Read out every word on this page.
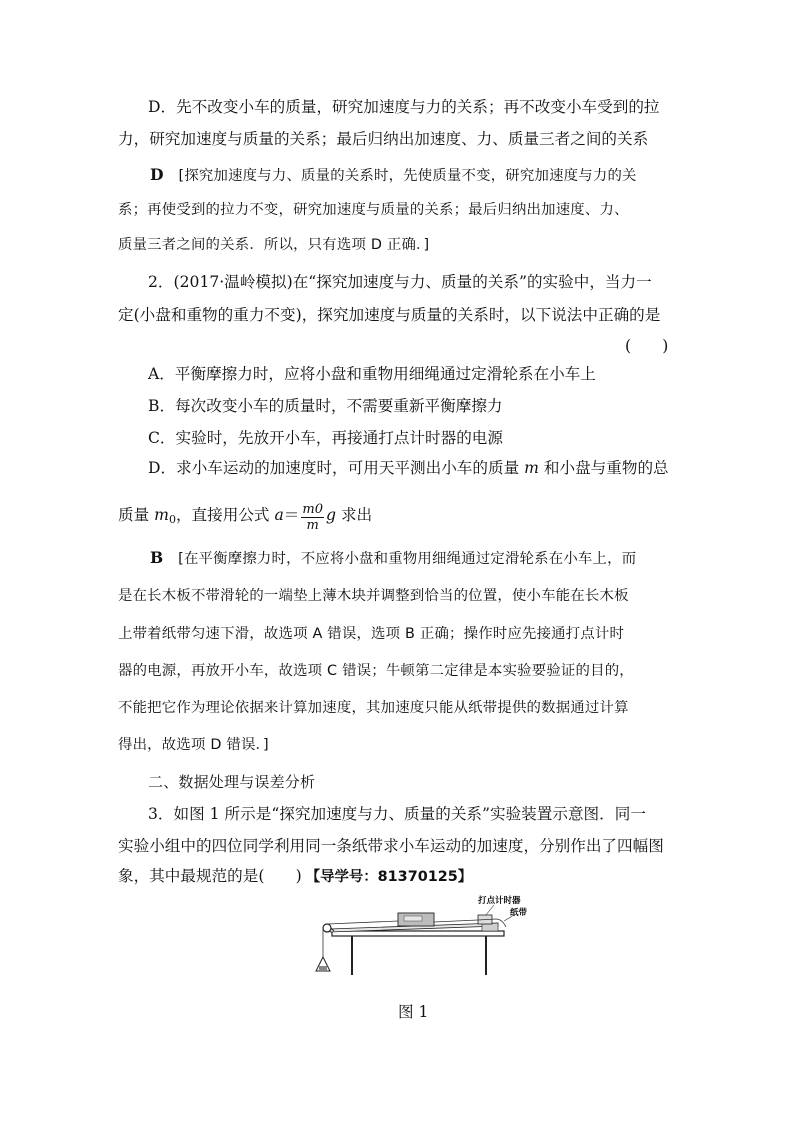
D．先不改变小车的质量，研究加速度与力的关系；再不改变小车受到的拉
力，研究加速度与质量的关系；最后归纳出加速度、力、质量三者之间的关系
D [探究加速度与力、质量的关系时，先使质量不变，研究加速度与力的关
系；再使受到的拉力不变，研究加速度与质量的关系；最后归纳出加速度、力、
质量三者之间的关系．所以，只有选项 D 正确．]
2．(2017·温岭模拟)在“探究加速度与力、质量的关系”的实验中，当力一
定(小盘和重物的重力不变)，探究加速度与质量的关系时，以下说法中正确的是
(　　)
A．平衡摩擦力时，应将小盘和重物用细绳通过定滑轮系在小车上
B．每次改变小车的质量时，不需要重新平衡摩擦力
C．实验时，先放开小车，再接通打点计时器的电源
D．求小车运动的加速度时，可用天平测出小车的质量 m 和小盘与重物的总
质量 $m_0$，直接用公式 $a= \frac{m0}{m}$ g 求出
B [在平衡摩擦力时，不应将小盘和重物用细绳通过定滑轮系在小车上，而
是在长木板不带滑轮的一端垫上薄木块并调整到恰当的位置，使小车能在长木板
上带着纸带匀速下滑，故选项 A 错误，选项 B 正确；操作时应先接通打点计时
器的电源，再放开小车，故选项 C 错误；牛顿第二定律是本实验要验证的目的，
不能把它作为理论依据来计算加速度，其加速度只能从纸带提供的数据通过计算
得出，故选项 D 错误．]
二、数据处理与误差分析
3．如图 1 所示是“探究加速度与力、质量的关系”实验装置示意图．同一
实验小组中的四位同学利用同一条纸带求小车运动的加速度，分别作出了四幅图
象，其中最规范的是(　　) 【导学号：81370125】
打点计时器
纸带
图 1
